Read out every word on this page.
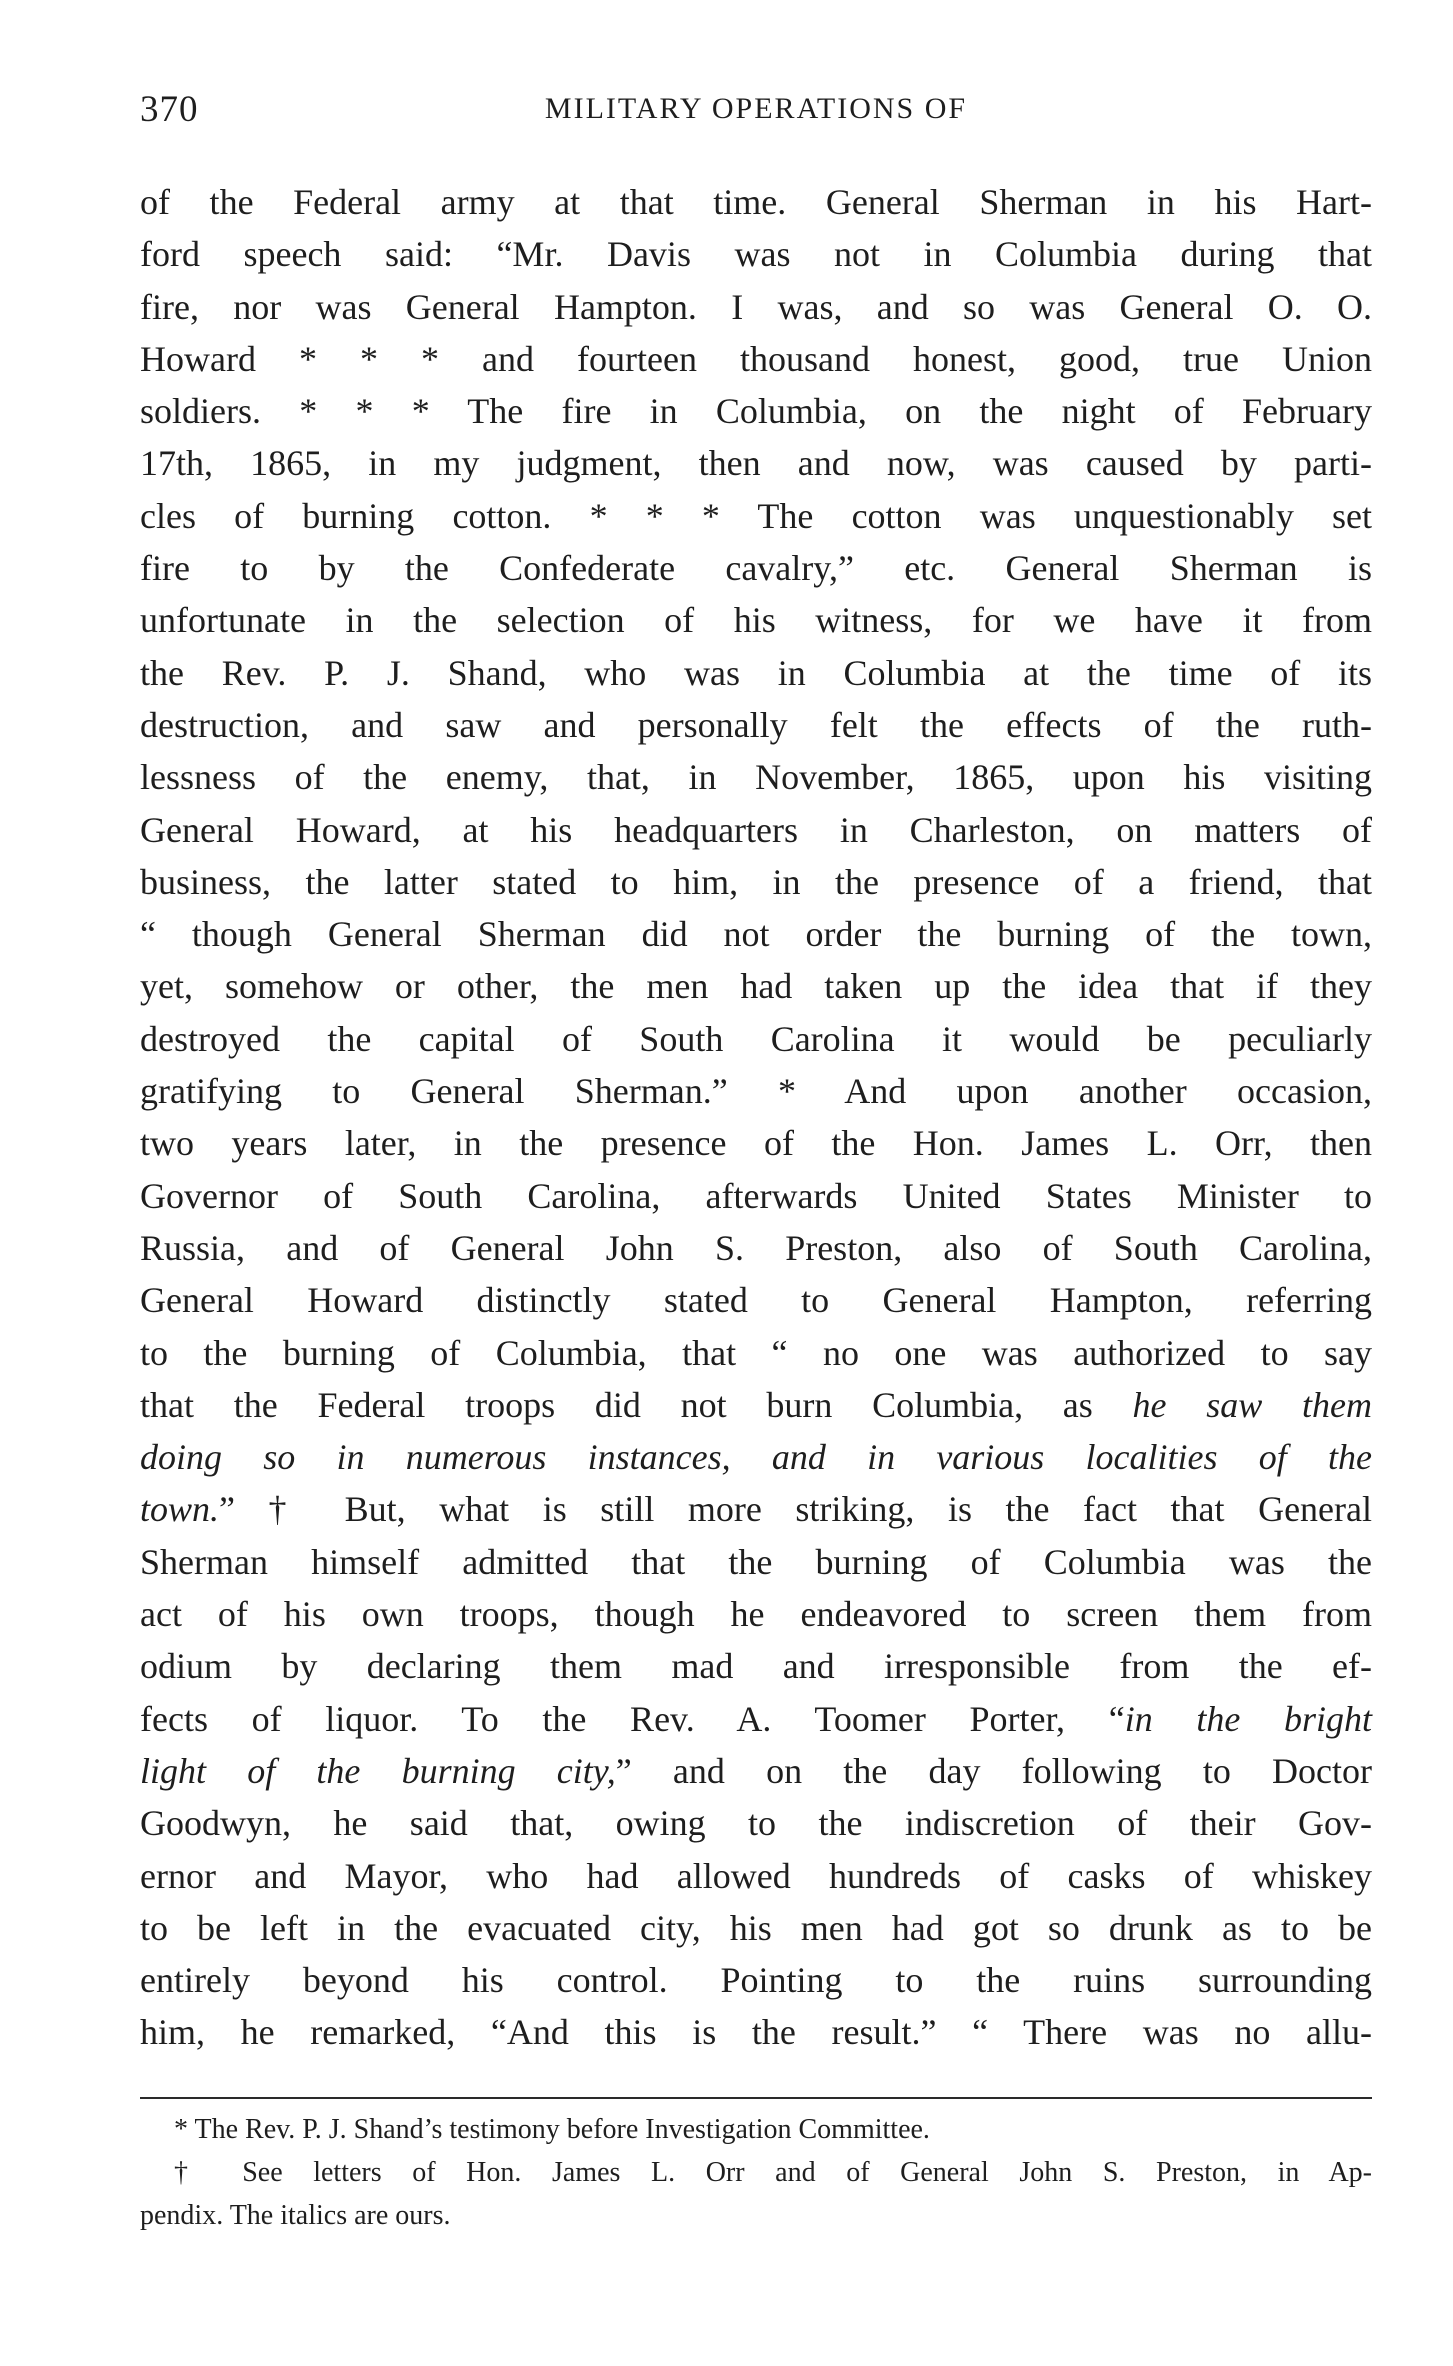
370	MILITARY OPERATIONS OF
of the Federal army at that time. General Sherman in his Hart-
ford speech said: “Mr. Davis was not in Columbia during that
fire, nor was General Hampton. I was, and so was General O. O.
Howard * * * and fourteen thousand honest, good, true Union
soldiers. * * * The fire in Columbia, on the night of February
17th, 1865, in my judgment, then and now, was caused by parti-
cles of burning cotton. * * * The cotton was unquestionably set
fire to by the Confederate cavalry,” etc. General Sherman is
unfortunate in the selection of his witness, for we have it from
the Rev. P. J. Shand, who was in Columbia at the time of its
destruction, and saw and personally felt the effects of the ruth-
lessness of the enemy, that, in November, 1865, upon his visiting
General Howard, at his headquarters in Charleston, on matters of
business, the latter stated to him, in the presence of a friend, that
“ though General Sherman did not order the burning of the town,
yet, somehow or other, the men had taken up the idea that if they
destroyed the capital of South Carolina it would be peculiarly
gratifying to General Sherman.” * And upon another occasion,
two years later, in the presence of the Hon. James L. Orr, then
Governor of South Carolina, afterwards United States Minister to
Russia, and of General John S. Preston, also of South Carolina,
General Howard distinctly stated to General Hampton, referring
to the burning of Columbia, that “ no one was authorized to say
that the Federal troops did not burn Columbia, as he saw them
doing so in numerous instances, and in various localities of the
town.” † But, what is still more striking, is the fact that General
Sherman himself admitted that the burning of Columbia was the
act of his own troops, though he endeavored to screen them from
odium by declaring them mad and irresponsible from the ef-
fects of liquor. To the Rev. A. Toomer Porter, “in the bright
light of the burning city,” and on the day following to Doctor
Goodwyn, he said that, owing to the indiscretion of their Gov-
ernor and Mayor, who had allowed hundreds of casks of whiskey
to be left in the evacuated city, his men had got so drunk as to be
entirely beyond his control. Pointing to the ruins surrounding
him, he remarked, “And this is the result.” “ There was no allu-
* The Rev. P. J. Shand’s testimony before Investigation Committee.
† See letters of Hon. James L. Orr and of General John S. Preston, in Ap-
pendix. The italics are ours.
